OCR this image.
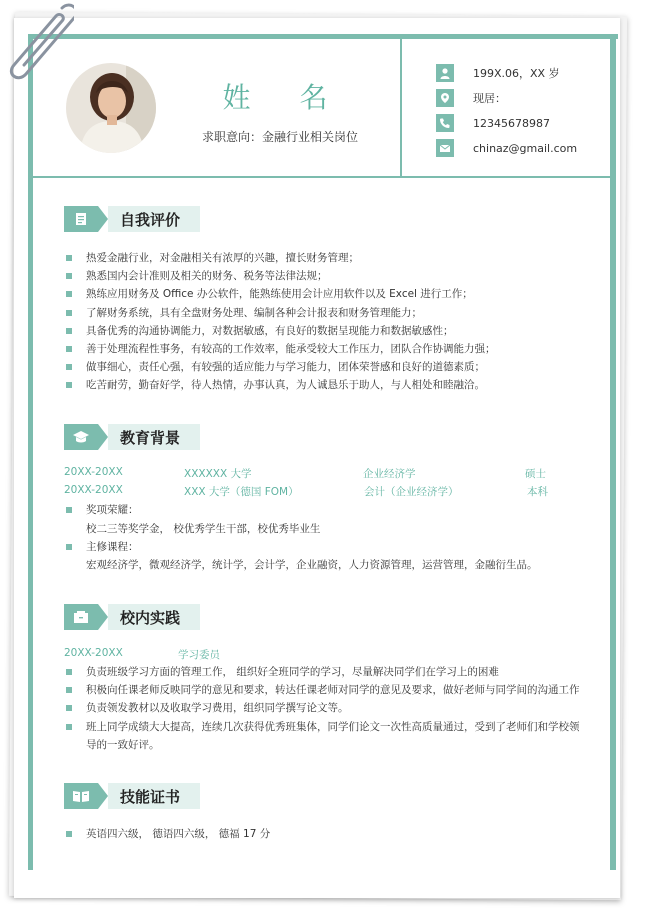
姓 名
求职意向：金融行业相关岗位
199X.06，XX 岁
现居：
12345678987
chinaz@gmail.com
自我评价
热爱金融行业，对金融相关有浓厚的兴趣，擅长财务管理；
熟悉国内会计准则及相关的财务、税务等法律法规；
熟练应用财务及 Office 办公软件，能熟练使用会计应用软件以及 Excel 进行工作；
了解财务系统，具有全盘财务处理、编制各种会计报表和财务管理能力；
具备优秀的沟通协调能力，对数据敏感，有良好的数据呈现能力和数据敏感性；
善于处理流程性事务，有较高的工作效率，能承受较大工作压力，团队合作协调能力强；
做事细心，责任心强，有较强的适应能力与学习能力，团体荣誉感和良好的道德素质；
吃苦耐劳，勤奋好学，待人热情，办事认真，为人诚恳乐于助人，与人相处和睦融洽。
教育背景
20XX-20XX	XXXXXX 大学	企业经济学	硕士
20XX-20XX	XXX 大学（德国 FOM）	会计（企业经济学）	本科
奖项荣耀：
校二三等奖学金， 校优秀学生干部，校优秀毕业生
主修课程：
宏观经济学，微观经济学，统计学，会计学，企业融资，人力资源管理，运营管理，金融衍生品。
校内实践
20XX-20XX	学习委员
负责班级学习方面的管理工作， 组织好全班同学的学习，尽量解决同学们在学习上的困难
积极向任课老师反映同学的意见和要求，转达任课老师对同学的意见及要求，做好老师与同学间的沟通工作
负责领发教材以及收取学习费用，组织同学撰写论文等。
班上同学成绩大大提高，连续几次获得优秀班集体，同学们论文一次性高质量通过，受到了老师们和学校领导的一致好评。
技能证书
英语四六级， 德语四六级， 德福 17 分
